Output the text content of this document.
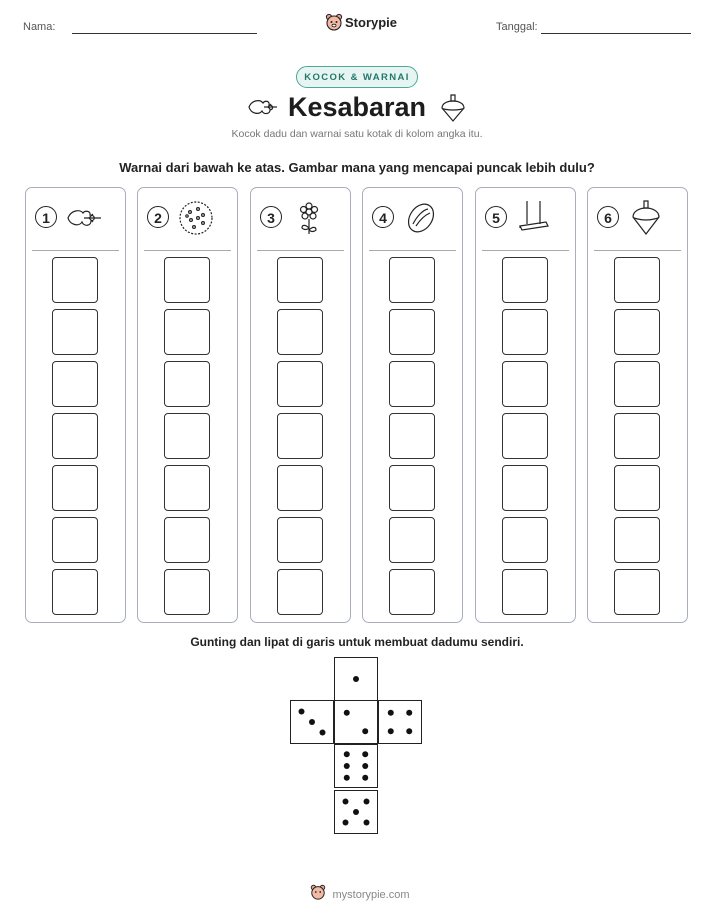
Nama:	Storypie	Tanggal:
KOCOK & WARNAI
Kesabaran
Kocok dadu dan warnai satu kotak di kolom angka itu.
Warnai dari bawah ke atas. Gambar mana yang mencapai puncak lebih dulu?
1	2	3	4	5	6
Gunting dan lipat di garis untuk membuat dadumu sendiri.
mystorypie.com
